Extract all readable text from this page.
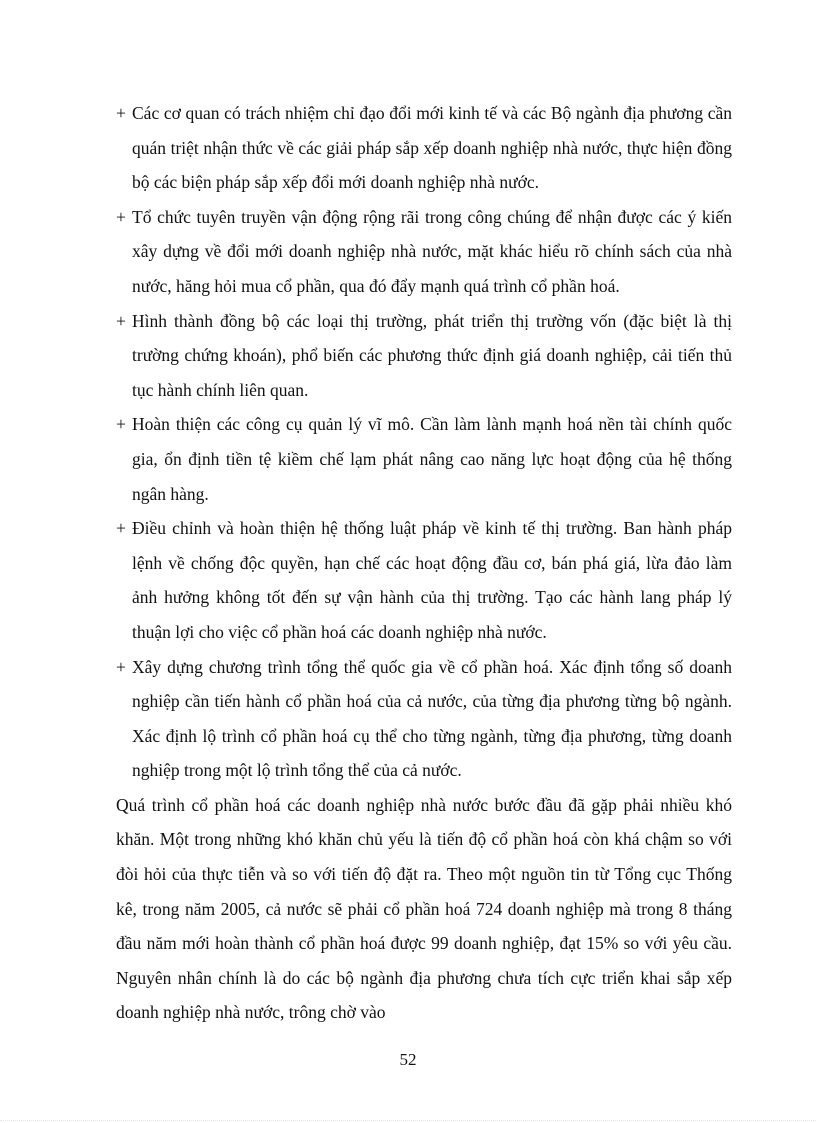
+ Các cơ quan có trách nhiệm chỉ đạo đổi mới kinh tế và các Bộ ngành địa phương cần quán triệt nhận thức về các giải pháp sắp xếp doanh nghiệp nhà nước, thực hiện đồng bộ các biện pháp sắp xếp đổi mới doanh nghiệp nhà nước.
+ Tổ chức tuyên truyền vận động rộng rãi trong công chúng để nhận được các ý kiến xây dựng về đổi mới doanh nghiệp nhà nước, mặt khác hiểu rõ chính sách của nhà nước, hăng hỏi mua cổ phần, qua đó đẩy mạnh quá trình cổ phần hoá.
+ Hình thành đồng bộ các loại thị trường, phát triển thị trường vốn (đặc biệt là thị trường chứng khoán), phổ biến các phương thức định giá doanh nghiệp, cải tiến thủ tục hành chính liên quan.
+ Hoàn thiện các công cụ quản lý vĩ mô. Cần làm lành mạnh hoá nền tài chính quốc gia, ổn định tiền tệ kiềm chế lạm phát nâng cao năng lực hoạt động của hệ thống ngân hàng.
+ Điều chỉnh và hoàn thiện hệ thống luật pháp về kinh tế thị trường. Ban hành pháp lệnh về chống độc quyền, hạn chế các hoạt động đầu cơ, bán phá giá, lừa đảo làm ảnh hưởng không tốt đến sự vận hành của thị trường. Tạo các hành lang pháp lý thuận lợi cho việc cổ phần hoá các doanh nghiệp nhà nước.
+ Xây dựng chương trình tổng thể quốc gia về cổ phần hoá. Xác định tổng số doanh nghiệp cần tiến hành cổ phần hoá của cả nước, của từng địa phương từng bộ ngành. Xác định lộ trình cổ phần hoá cụ thể cho từng ngành, từng địa phương, từng doanh nghiệp trong một lộ trình tổng thể của cả nước.
Quá trình cổ phần hoá các doanh nghiệp nhà nước bước đầu đã gặp phải nhiều khó khăn. Một trong những khó khăn chủ yếu là tiến độ cổ phần hoá còn khá chậm so với đòi hỏi của thực tiễn và so với tiến độ đặt ra. Theo một nguồn tin từ Tổng cục Thống kê, trong năm 2005, cả nước sẽ phải cổ phần hoá 724 doanh nghiệp mà trong 8 tháng đầu năm mới hoàn thành cổ phần hoá được 99 doanh nghiệp, đạt 15% so với yêu cầu. Nguyên nhân chính là do các bộ ngành địa phương chưa tích cực triển khai sắp xếp doanh nghiệp nhà nước, trông chờ vào
52
